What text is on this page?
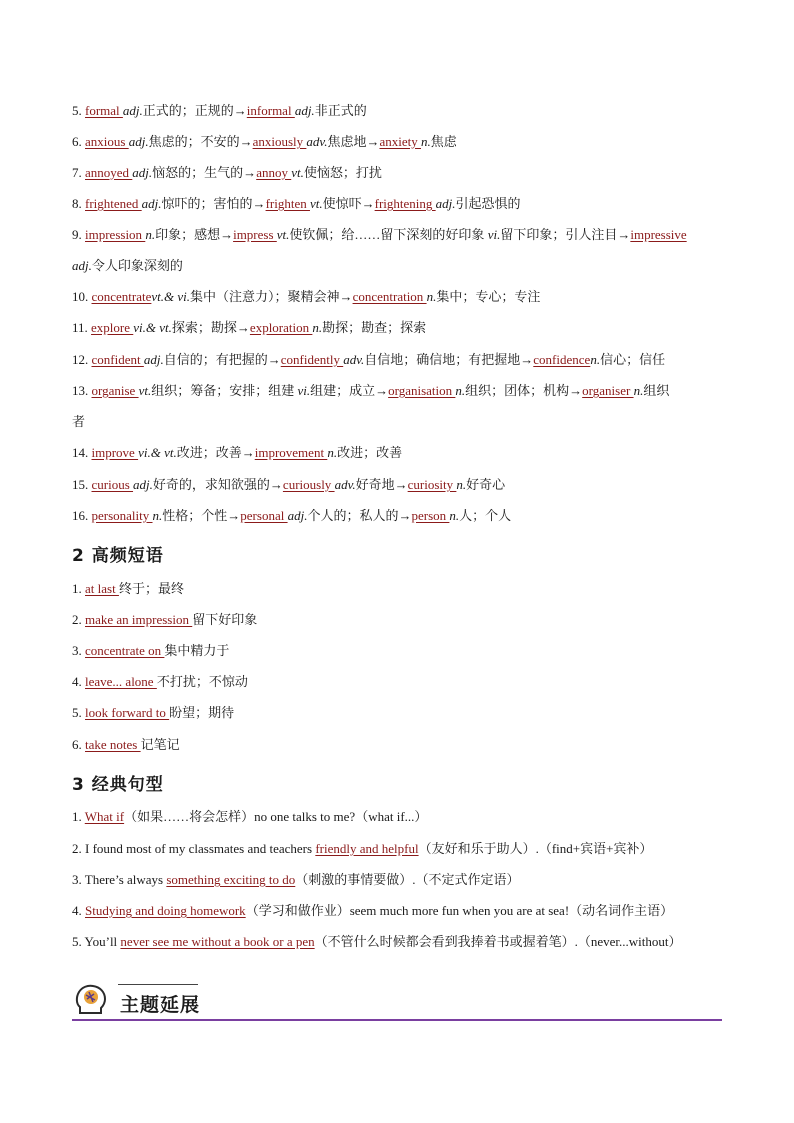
5. formal adj.正式的；正规的→informal adj.非正式的
6. anxious adj.焦虑的；不安的→anxiously adv.焦虑地→anxiety n.焦虑
7. annoyed adj.恼怒的；生气的→annoy vt.使恼怒；打扰
8. frightened adj.惊吓的；害怕的→frighten vt.使惊吓→frightening adj.引起恐惧的
9. impression n.印象；感想→impress vt.使钦佩；给……留下深刻的好印象 vi.留下印象；引人注目→impressive
adj.令人印象深刻的
10. concentratevt.& vi.集中（注意力）；聚精会神→concentration n.集中；专心；专注
11. explore vi.& vt.探索；勘探→exploration n.勘探；勘查；探索
12. confident adj.自信的；有把握的→confidently adv.自信地；确信地；有把握地→confidencen.信心；信任
13. organise vt.组织；筹备；安排；组建 vi.组建；成立→organisation n.组织；团体；机构→organiser n.组织
者
14. improve vi.& vt.改进；改善→improvement n.改进；改善
15. curious adj.好奇的，求知欲强的→curiously adv.好奇地→curiosity n.好奇心
16. personality n.性格；个性→personal adj.个人的；私人的→person n.人；个人
2 高频短语
1. at last 终于；最终
2. make an impression 留下好印象
3. concentrate on 集中精力于
4. leave... alone 不打扰；不惊动
5. look forward to 盼望；期待
6. take notes 记笔记
3 经典句型
1. What if（如果……将会怎样）no one talks to me?（what if...）
2. I found most of my classmates and teachers friendly and helpful（友好和乐于助人）.（find+宾语+宾补）
3. There’s always something exciting to do（刺激的事情要做）.（不定式作定语）
4. Studying and doing homework（学习和做作业）seem much more fun when you are at sea!（动名词作主语）
5. You’ll never see me without a book or a pen（不管什么时候都会看到我捧着书或握着笔）.（never...without）
主题延展
